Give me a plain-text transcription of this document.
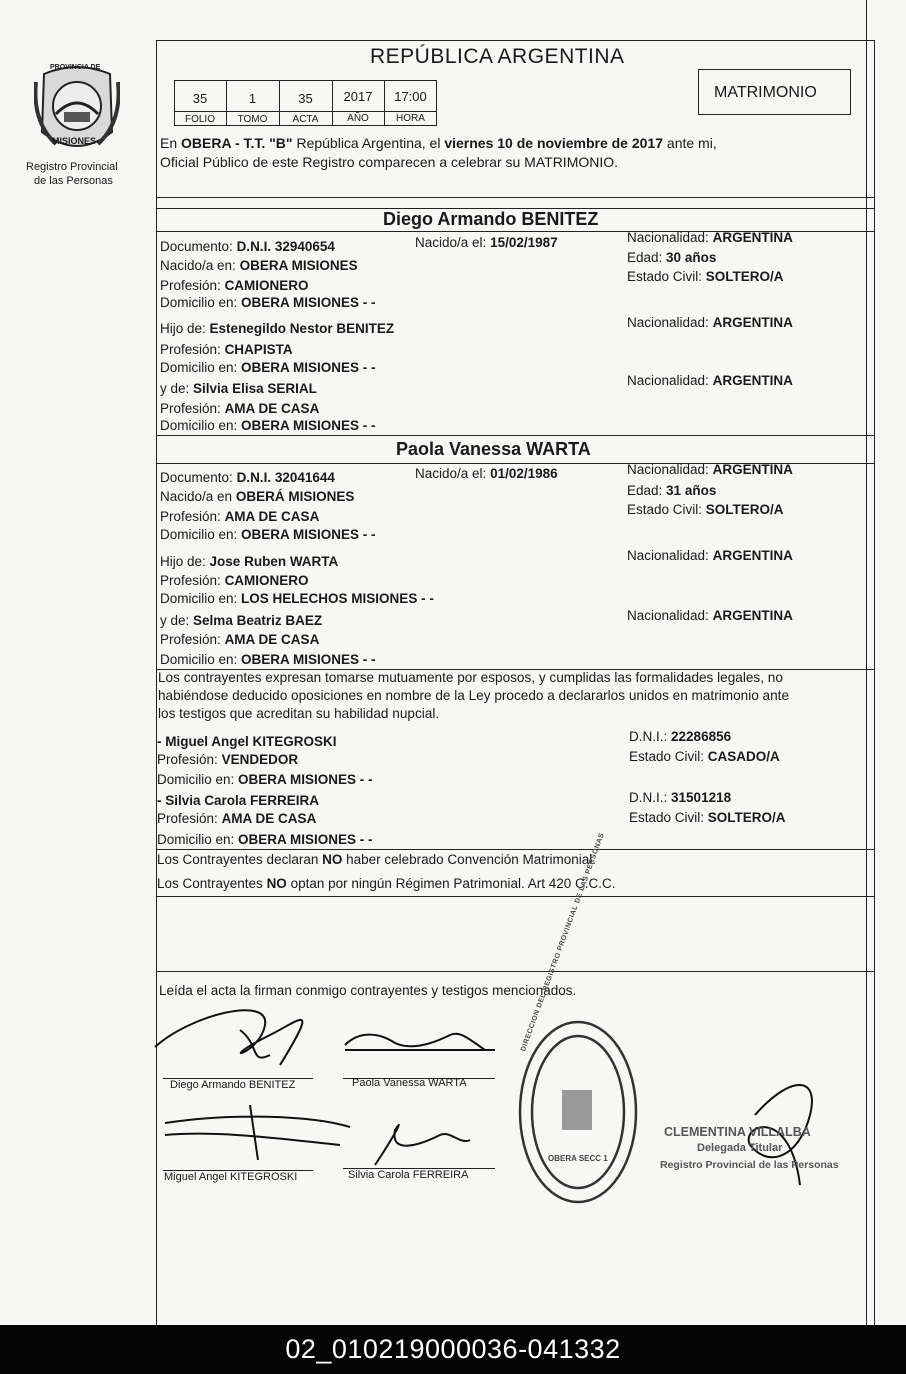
PROVINCIA DE
MISIONES
Registro Provincial
de las Personas
REPÚBLICA ARGENTINA
MATRIMONIO
35	1	35	2017	17:00
FOLIO	TOMO	ACTA	AÑO	HORA
En OBERA - T.T. "B" República Argentina, el viernes 10 de noviembre de 2017 ante mi,
Oficial Público de este Registro comparecen a celebrar su MATRIMONIO.
Diego Armando BENITEZ
Documento: D.N.I. 32940654	Nacido/a el: 15/02/1987	Nacionalidad: ARGENTINA
Nacido/a en: OBERA MISIONES
Edad: 30 años
Profesión: CAMIONERO
Estado Civil: SOLTERO/A
Domicilio en: OBERA MISIONES - -
Hijo de: Estenegildo Nestor BENITEZ	Nacionalidad: ARGENTINA
Profesión: CHAPISTA
Domicilio en: OBERA MISIONES - -
y de: Silvia Elisa SERIAL
Nacionalidad: ARGENTINA
Profesión: AMA DE CASA
Domicilio en: OBERA MISIONES - -
Paola Vanessa WARTA
Documento: D.N.I. 32041644	Nacido/a el: 01/02/1986	Nacionalidad: ARGENTINA
Nacido/a en OBERÁ MISIONES	Edad: 31 años
Profesión: AMA DE CASA	Estado Civil: SOLTERO/A
Domicilio en: OBERA MISIONES - -
Hijo de: Jose Ruben WARTA	Nacionalidad: ARGENTINA
Profesión: CAMIONERO
Domicilio en: LOS HELECHOS MISIONES - -
y de: Selma Beatriz BAEZ	Nacionalidad: ARGENTINA
Profesión: AMA DE CASA
Domicilio en: OBERA MISIONES - -
Los contrayentes expresan tomarse mutuamente por esposos, y cumplidas las formalidades legales, no
habiéndose deducido oposiciones en nombre de la Ley procedo a declararlos unidos en matrimonio ante
los testigos que acreditan su habilidad nupcial.
- Miguel Angel KITEGROSKI	D.N.I.: 22286856
Profesión: VENDEDOR	Estado Civil: CASADO/A
Domicilio en: OBERA MISIONES - -
- Silvia Carola FERREIRA	D.N.I.: 31501218
Profesión: AMA DE CASA	Estado Civil: SOLTERO/A
Domicilio en: OBERA MISIONES - -
Los Contrayentes declaran NO haber celebrado Convención Matrimonial.
Los Contrayentes NO optan por ningún Régimen Patrimonial. Art 420 C.C.C.
Leída el acta la firman conmigo contrayentes y testigos mencionados.
Diego Armando BENITEZ	Paola Vanessa WARTA
Miguel Angel KITEGROSKI	Silvia Carola FERREIRA
DIRECCION DEL REGISTRO PROVINCIAL DE LAS PERSONAS
OBERA SECC 1
CLEMENTINA VILLALBA
Delegada Titular
Registro Provincial de las Personas
02_010219000036-041332
